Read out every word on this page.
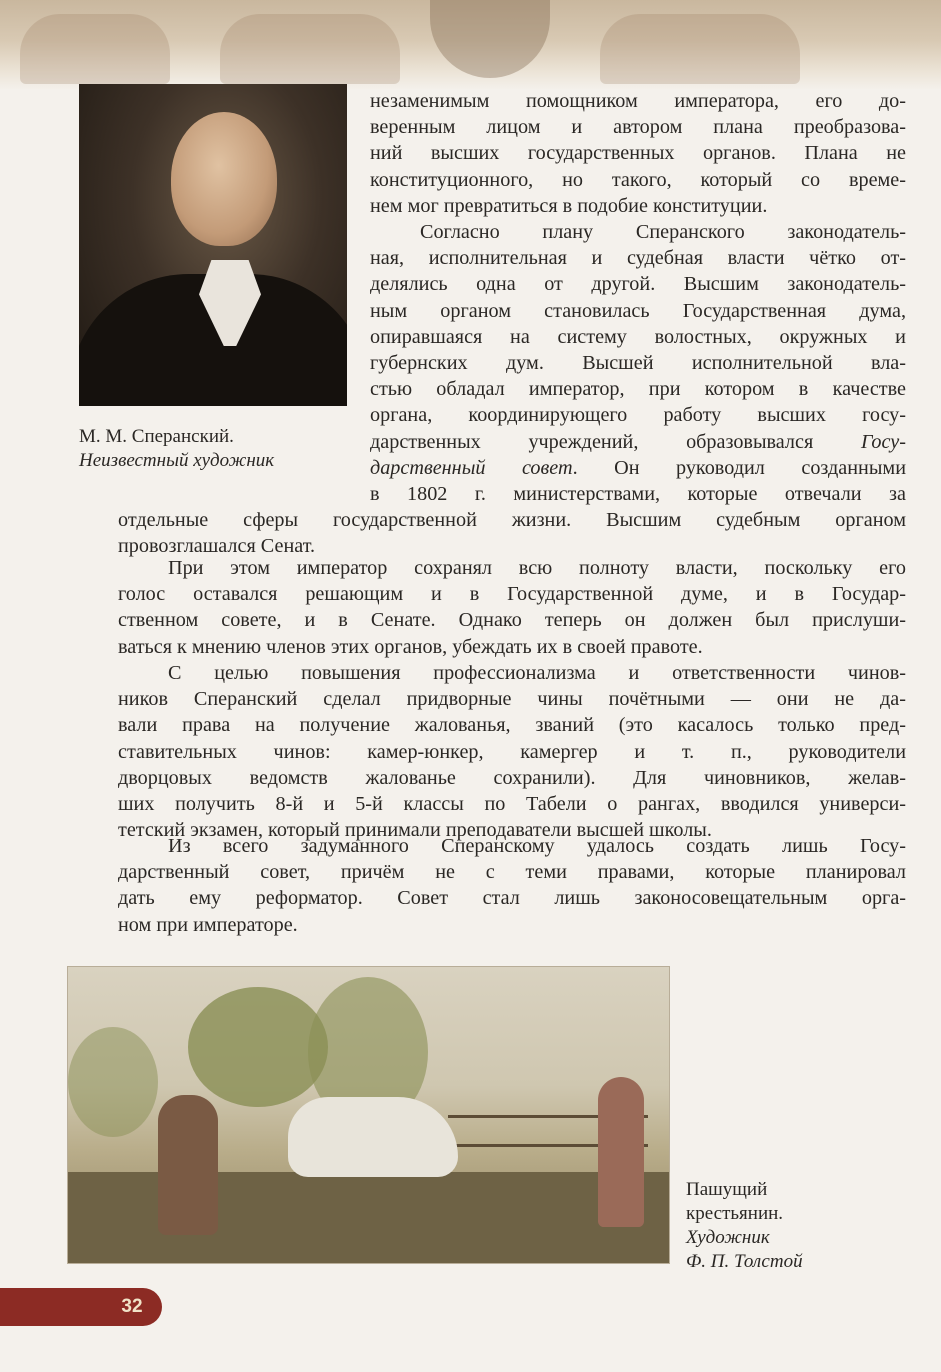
М. М. Сперанский.
Неизвестный художник
незаменимым помощником императора, его до-
веренным лицом и автором плана преобразова-
ний высших государственных органов. Плана не
конституционного, но такого, который со време-
нем мог превратиться в подобие конституции.
Согласно плану Сперанского законодатель-
ная, исполнительная и судебная власти чётко от-
делялись одна от другой. Высшим законодатель-
ным органом становилась Государственная дума,
опиравшаяся на систему волостных, окружных и
губернских дум. Высшей исполнительной вла-
стью обладал император, при котором в качестве
органа, координирующего работу высших госу-
дарственных учреждений, образовывался Госу-
дарственный совет. Он руководил созданными
в 1802 г. министерствами, которые отвечали за
отдельные сферы государственной жизни. Высшим судебным органом
провозглашался Сенат.
При этом император сохранял всю полноту власти, поскольку его
голос оставался решающим и в Государственной думе, и в Государ-
ственном совете, и в Сенате. Однако теперь он должен был прислуши-
ваться к мнению членов этих органов, убеждать их в своей правоте.
С целью повышения профессионализма и ответственности чинов-
ников Сперанский сделал придворные чины почётными — они не да-
вали права на получение жалованья, званий (это касалось только пред-
ставительных чинов: камер-юнкер, камергер и т. п., руководители
дворцовых ведомств жалованье сохранили). Для чиновников, желав-
ших получить 8-й и 5-й классы по Табели о рангах, вводился универси-
тетский экзамен, который принимали преподаватели высшей школы.
Из всего задуманного Сперанскому удалось создать лишь Госу-
дарственный совет, причём не с теми правами, которые планировал
дать ему реформатор. Совет стал лишь законосовещательным орга-
ном при императоре.
Пашущий
крестьянин.
Художник
Ф. П. Толстой
32
